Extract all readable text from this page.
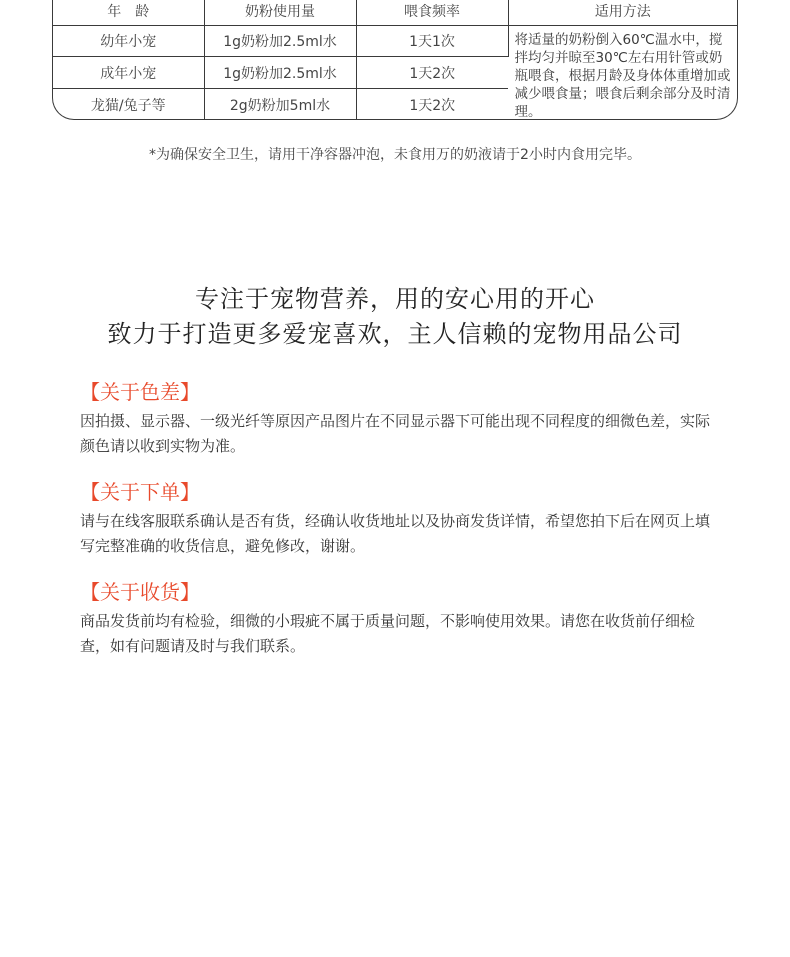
年　龄	奶粉使用量	喂食频率	适用方法
幼年小宠	1g奶粉加2.5ml水	1天1次	将适量的奶粉倒入60℃温水中，搅拌均匀并晾至30℃左右用针管或奶瓶喂食，根据月龄及身体体重增加或减少喂食量；喂食后剩余部分及时清理。
成年小宠	1g奶粉加2.5ml水	1天2次	
龙猫/兔子等	2g奶粉加5ml水	1天2次	
*为确保安全卫生，请用干净容器冲泡，未食用万的奶液请于2小时内食用完毕。
专注于宠物营养，用的安心用的开心
致力于打造更多爱宠喜欢，主人信赖的宠物用品公司
【关于色差】
因拍摄、显示器、一级光纤等原因产品图片在不同显示器下可能出现不同程度的细微色差，实际颜色请以收到实物为准。
【关于下单】
请与在线客服联系确认是否有货，经确认收货地址以及协商发货详情，希望您拍下后在网页上填写完整准确的收货信息，避免修改，谢谢。
【关于收货】
商品发货前均有检验，细微的小瑕疵不属于质量问题，不影响使用效果。请您在收货前仔细检查，如有问题请及时与我们联系。
